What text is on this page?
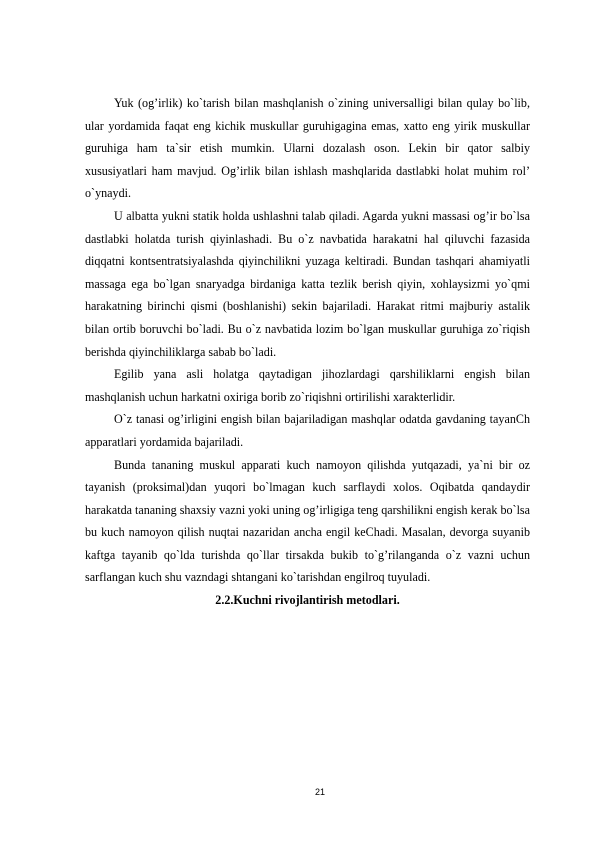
Yuk (og’irlik) ko`tarish bilan mashqlanish o`zining universalligi bilan qulay bo`lib, ular yordamida faqat eng kichik muskullar guruhigagina emas, xatto eng yirik muskullar guruhiga ham ta`sir etish mumkin. Ularni dozalash oson. Lekin bir qator salbiy xususiyatlari ham mavjud. Og’irlik bilan ishlash mashqlarida dastlabki holat muhim rol’ o`ynaydi.

U albatta yukni statik holda ushlashni talab qiladi. Agarda yukni massasi og’ir bo`lsa dastlabki holatda turish qiyinlashadi. Bu o`z navbatida harakatni hal qiluvchi fazasida diqqatni kontsentratsiyalashda qiyinchilikni yuzaga keltiradi. Bundan tashqari ahamiyatli massaga ega bo`lgan snaryadga birdaniga katta tezlik berish qiyin, xohlaysizmi yo`qmi harakatning birinchi qismi (boshlanishi) sekin bajariladi. Harakat ritmi majburiy astalik bilan ortib boruvchi bo`ladi. Bu o`z navbatida lozim bo`lgan muskullar guruhiga zo`riqish berishda qiyinchiliklarga sabab bo`ladi.

Egilib yana asli holatga qaytadigan jihozlardagi qarshiliklarni engish bilan mashqlanish uchun harkatni oxiriga borib zo`riqishni ortirilishi xarakterlidir.

O`z tanasi og’irligini engish bilan bajariladigan mashqlar odatda gavdaning tayanCh apparatlari yordamida bajariladi.

Bunda tananing muskul apparati kuch namoyon qilishda yutqazadi, ya`ni bir oz tayanish (proksimal)dan yuqori bo`lmagan kuch sarflaydi xolos. Oqibatda qandaydir harakatda tananing shaxsiy vazni yoki uning og’irligiga teng qarshilikni engish kerak bo`lsa bu kuch namoyon qilish nuqtai nazaridan ancha engil keChadi. Masalan, devorga suyanib kaftga tayanib qo`lda turishda qo`llar tirsakda bukib to`g’rilanganda o`z vazni uchun sarflangan kuch shu vazndagi shtangani ko`tarishdan engilroq tuyuladi.

2.2.Kuchni rivojlantirish metodlari.

21
